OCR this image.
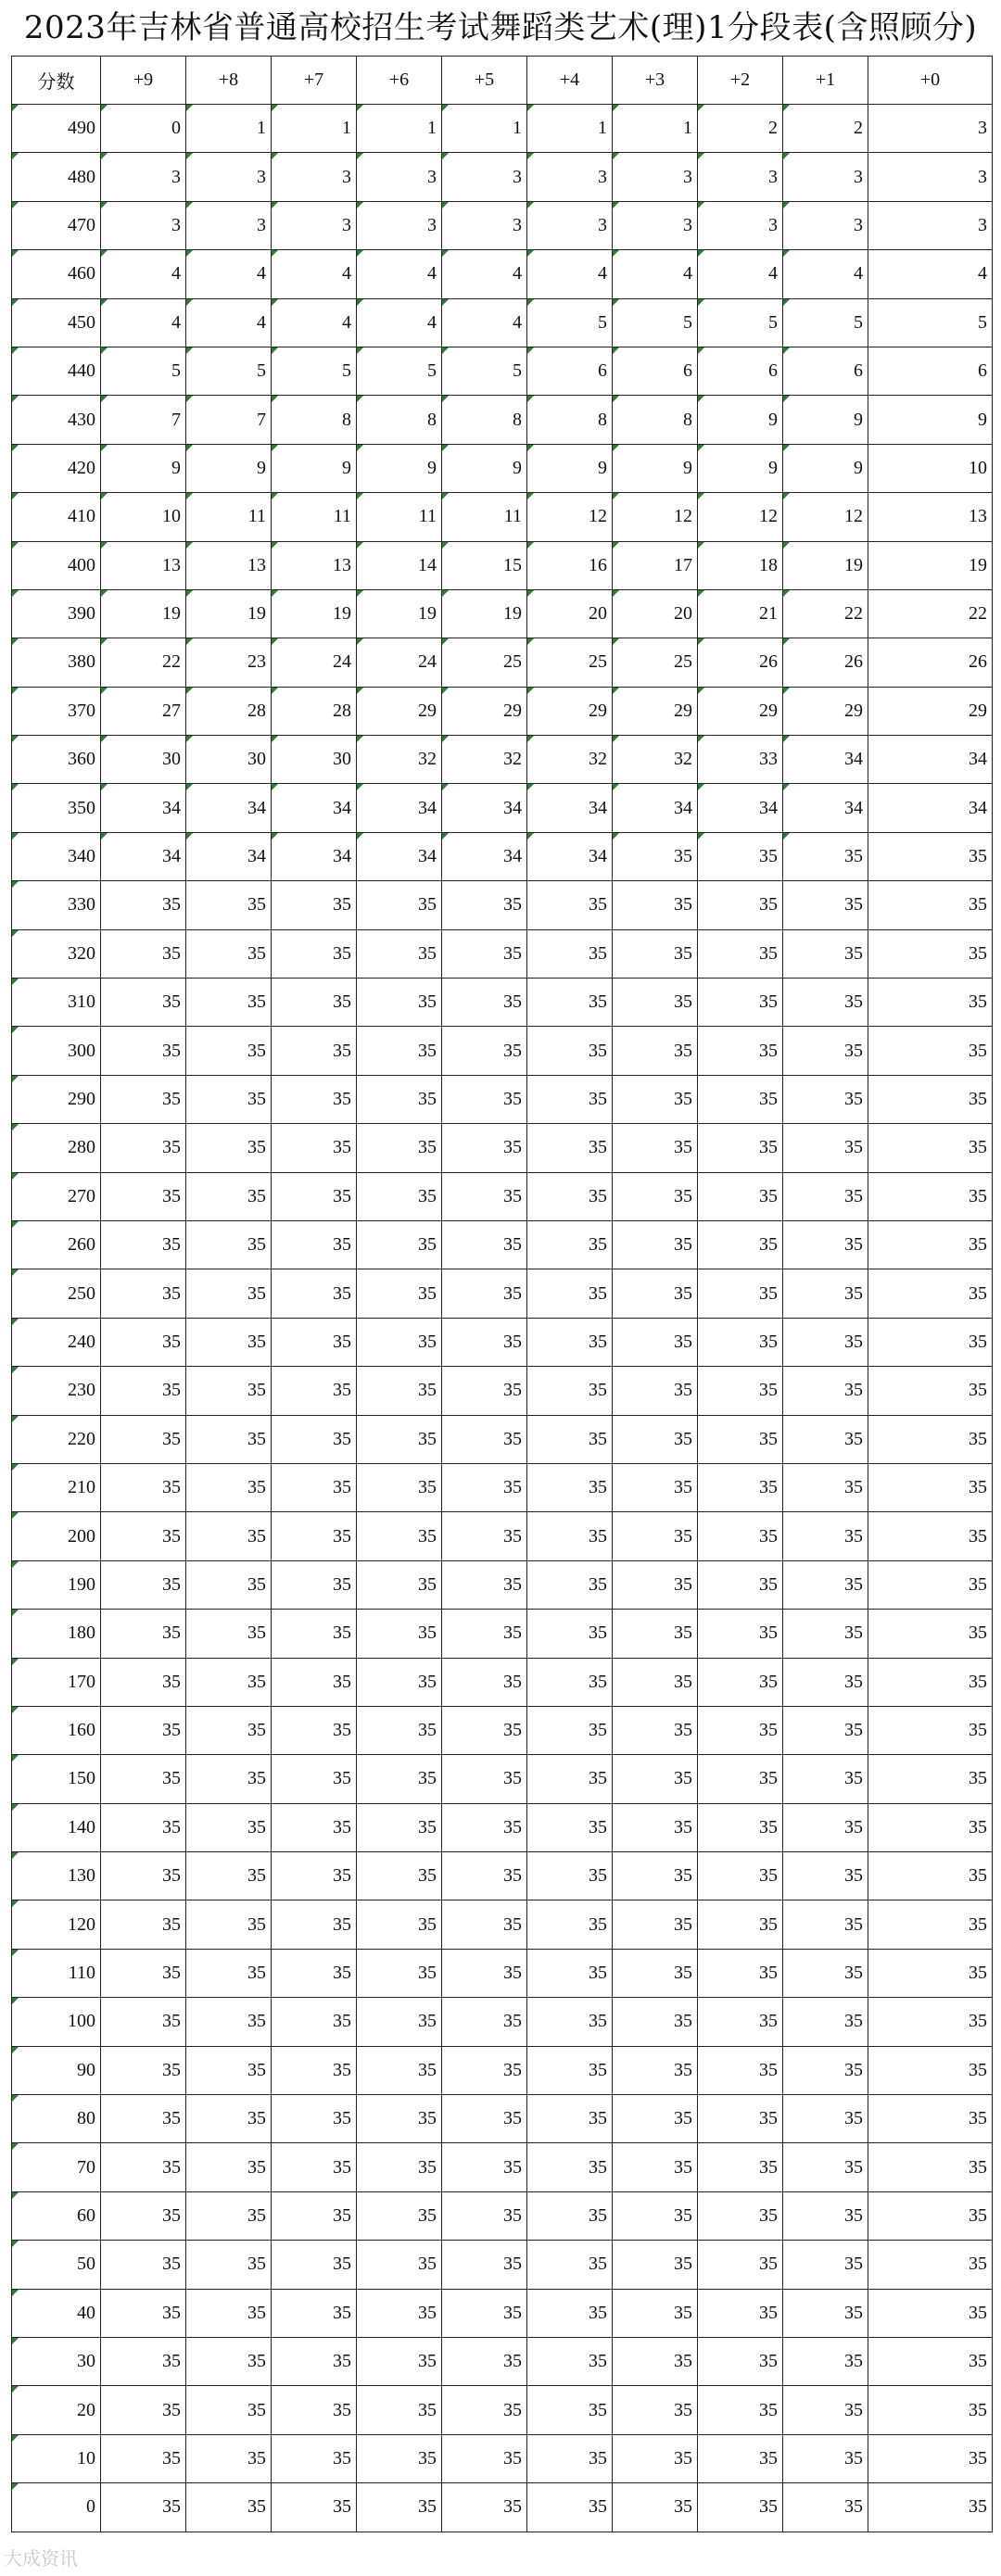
2023年吉林省普通高校招生考试舞蹈类艺术(理)1分段表(含照顾分)
分数	+9	+8	+7	+6	+5	+4	+3	+2	+1	+0
490	0	1	1	1	1	1	1	2	2	3
480	3	3	3	3	3	3	3	3	3	3
470	3	3	3	3	3	3	3	3	3	3
460	4	4	4	4	4	4	4	4	4	4
450	4	4	4	4	4	5	5	5	5	5
440	5	5	5	5	5	6	6	6	6	6
430	7	7	8	8	8	8	8	9	9	9
420	9	9	9	9	9	9	9	9	9	10
410	10	11	11	11	11	12	12	12	12	13
400	13	13	13	14	15	16	17	18	19	19
390	19	19	19	19	19	20	20	21	22	22
380	22	23	24	24	25	25	25	26	26	26
370	27	28	28	29	29	29	29	29	29	29
360	30	30	30	32	32	32	32	33	34	34
350	34	34	34	34	34	34	34	34	34	34
340	34	34	34	34	34	34	35	35	35	35
330	35	35	35	35	35	35	35	35	35	35
320	35	35	35	35	35	35	35	35	35	35
310	35	35	35	35	35	35	35	35	35	35
300	35	35	35	35	35	35	35	35	35	35
290	35	35	35	35	35	35	35	35	35	35
280	35	35	35	35	35	35	35	35	35	35
270	35	35	35	35	35	35	35	35	35	35
260	35	35	35	35	35	35	35	35	35	35
250	35	35	35	35	35	35	35	35	35	35
240	35	35	35	35	35	35	35	35	35	35
230	35	35	35	35	35	35	35	35	35	35
220	35	35	35	35	35	35	35	35	35	35
210	35	35	35	35	35	35	35	35	35	35
200	35	35	35	35	35	35	35	35	35	35
190	35	35	35	35	35	35	35	35	35	35
180	35	35	35	35	35	35	35	35	35	35
170	35	35	35	35	35	35	35	35	35	35
160	35	35	35	35	35	35	35	35	35	35
150	35	35	35	35	35	35	35	35	35	35
140	35	35	35	35	35	35	35	35	35	35
130	35	35	35	35	35	35	35	35	35	35
120	35	35	35	35	35	35	35	35	35	35
110	35	35	35	35	35	35	35	35	35	35
100	35	35	35	35	35	35	35	35	35	35
90	35	35	35	35	35	35	35	35	35	35
80	35	35	35	35	35	35	35	35	35	35
70	35	35	35	35	35	35	35	35	35	35
60	35	35	35	35	35	35	35	35	35	35
50	35	35	35	35	35	35	35	35	35	35
40	35	35	35	35	35	35	35	35	35	35
30	35	35	35	35	35	35	35	35	35	35
20	35	35	35	35	35	35	35	35	35	35
10	35	35	35	35	35	35	35	35	35	35
0	35	35	35	35	35	35	35	35	35	35
大成资讯
